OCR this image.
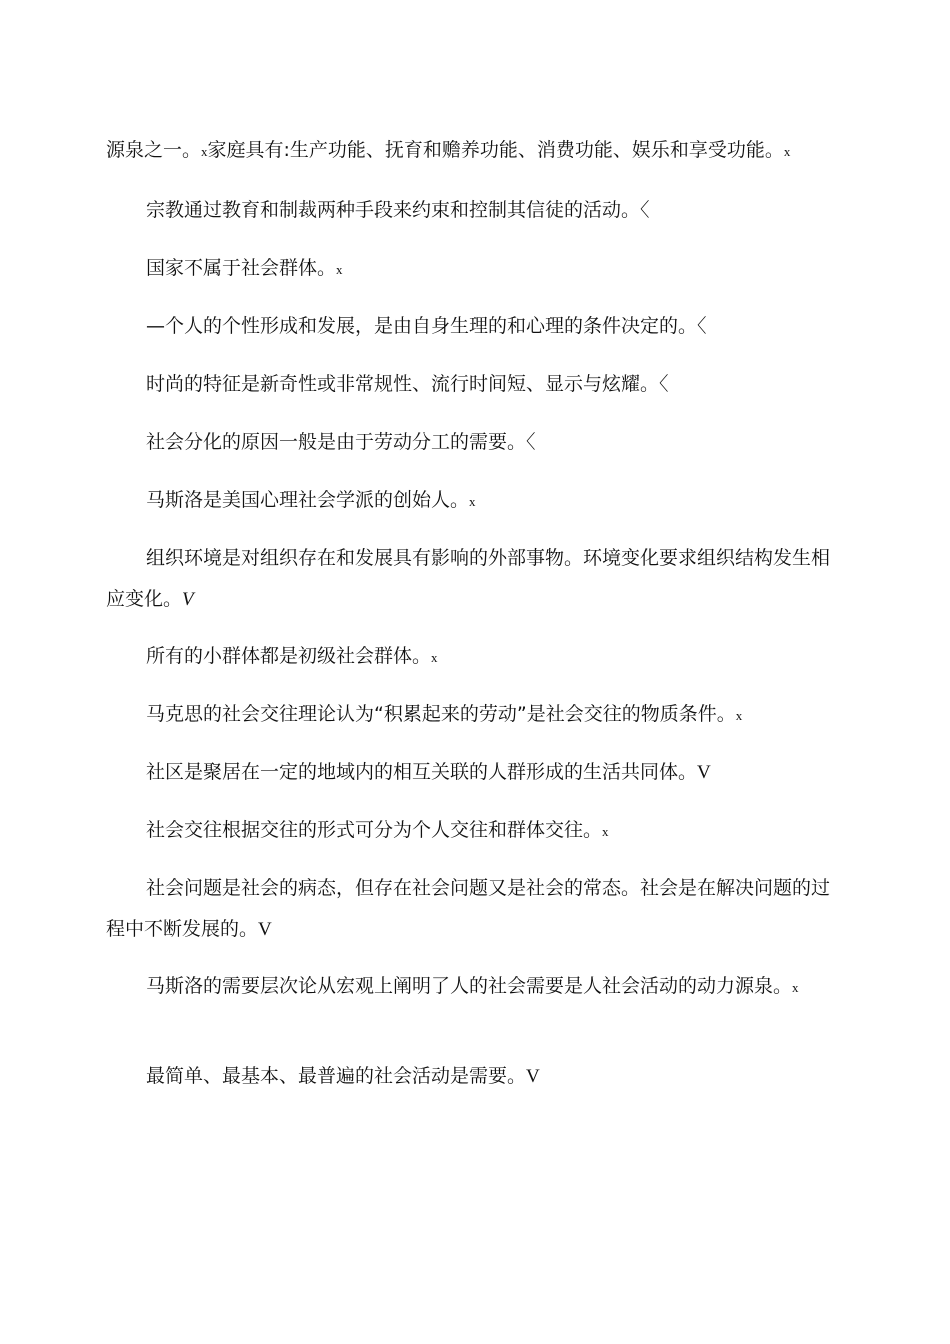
源泉之一。x家庭具有:生产功能、抚育和赡养功能、消费功能、娱乐和享受功能。x

宗教通过教育和制裁两种手段来约束和控制其信徒的活动。〈

国家不属于社会群体。x

—个人的个性形成和发展，是由自身生理的和心理的条件决定的。〈

时尚的特征是新奇性或非常规性、流行时间短、显示与炫耀。〈

社会分化的原因一般是由于劳动分工的需要。〈

马斯洛是美国心理社会学派的创始人。x

组织环境是对组织存在和发展具有影响的外部事物。环境变化要求组织结构发生相应变化。V

所有的小群体都是初级社会群体。x

马克思的社会交往理论认为“积累起来的劳动”是社会交往的物质条件。x

社区是聚居在一定的地域内的相互关联的人群形成的生活共同体。V

社会交往根据交往的形式可分为个人交往和群体交往。x

社会问题是社会的病态，但存在社会问题又是社会的常态。社会是在解决问题的过程中不断发展的。V

马斯洛的需要层次论从宏观上阐明了人的社会需要是人社会活动的动力源泉。x

最简单、最基本、最普遍的社会活动是需要。V
